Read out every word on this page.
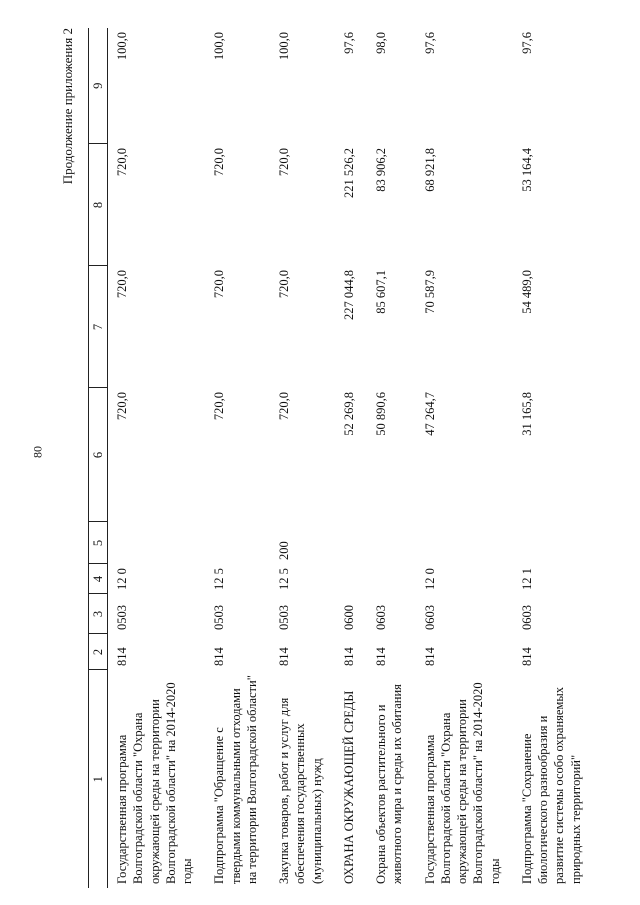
80
Продолжение приложения 2
1	2	3	4	5	6	7	8	9
Государственная программа Волгоградской области "Охрана окружающей среды на территории Волгоградской области" на 2014-2020 годы	814	0503	12 0		720,0	720,0	720,0	100,0
Подпрограмма "Обращение с твердыми коммунальными отходами на территории Волгоградской области"	814	0503	12 5		720,0	720,0	720,0	100,0
Закупка товаров, работ и услуг для обеспечения государственных (муниципальных) нужд	814	0503	12 5	200	720,0	720,0	720,0	100,0
ОХРАНА ОКРУЖАЮЩЕЙ СРЕДЫ	814	0600			52 269,8	227 044,8	221 526,2	97,6
Охрана объектов растительного и животного мира и среды их обитания	814	0603			50 890,6	85 607,1	83 906,2	98,0
Государственная программа Волгоградской области "Охрана окружающей среды на территории Волгоградской области" на 2014-2020 годы	814	0603	12 0		47 264,7	70 587,9	68 921,8	97,6
Подпрограмма "Сохранение биологического разнообразия и развитие системы особо охраняемых природных территорий"	814	0603	12 1		31 165,8	54 489,0	53 164,4	97,6
